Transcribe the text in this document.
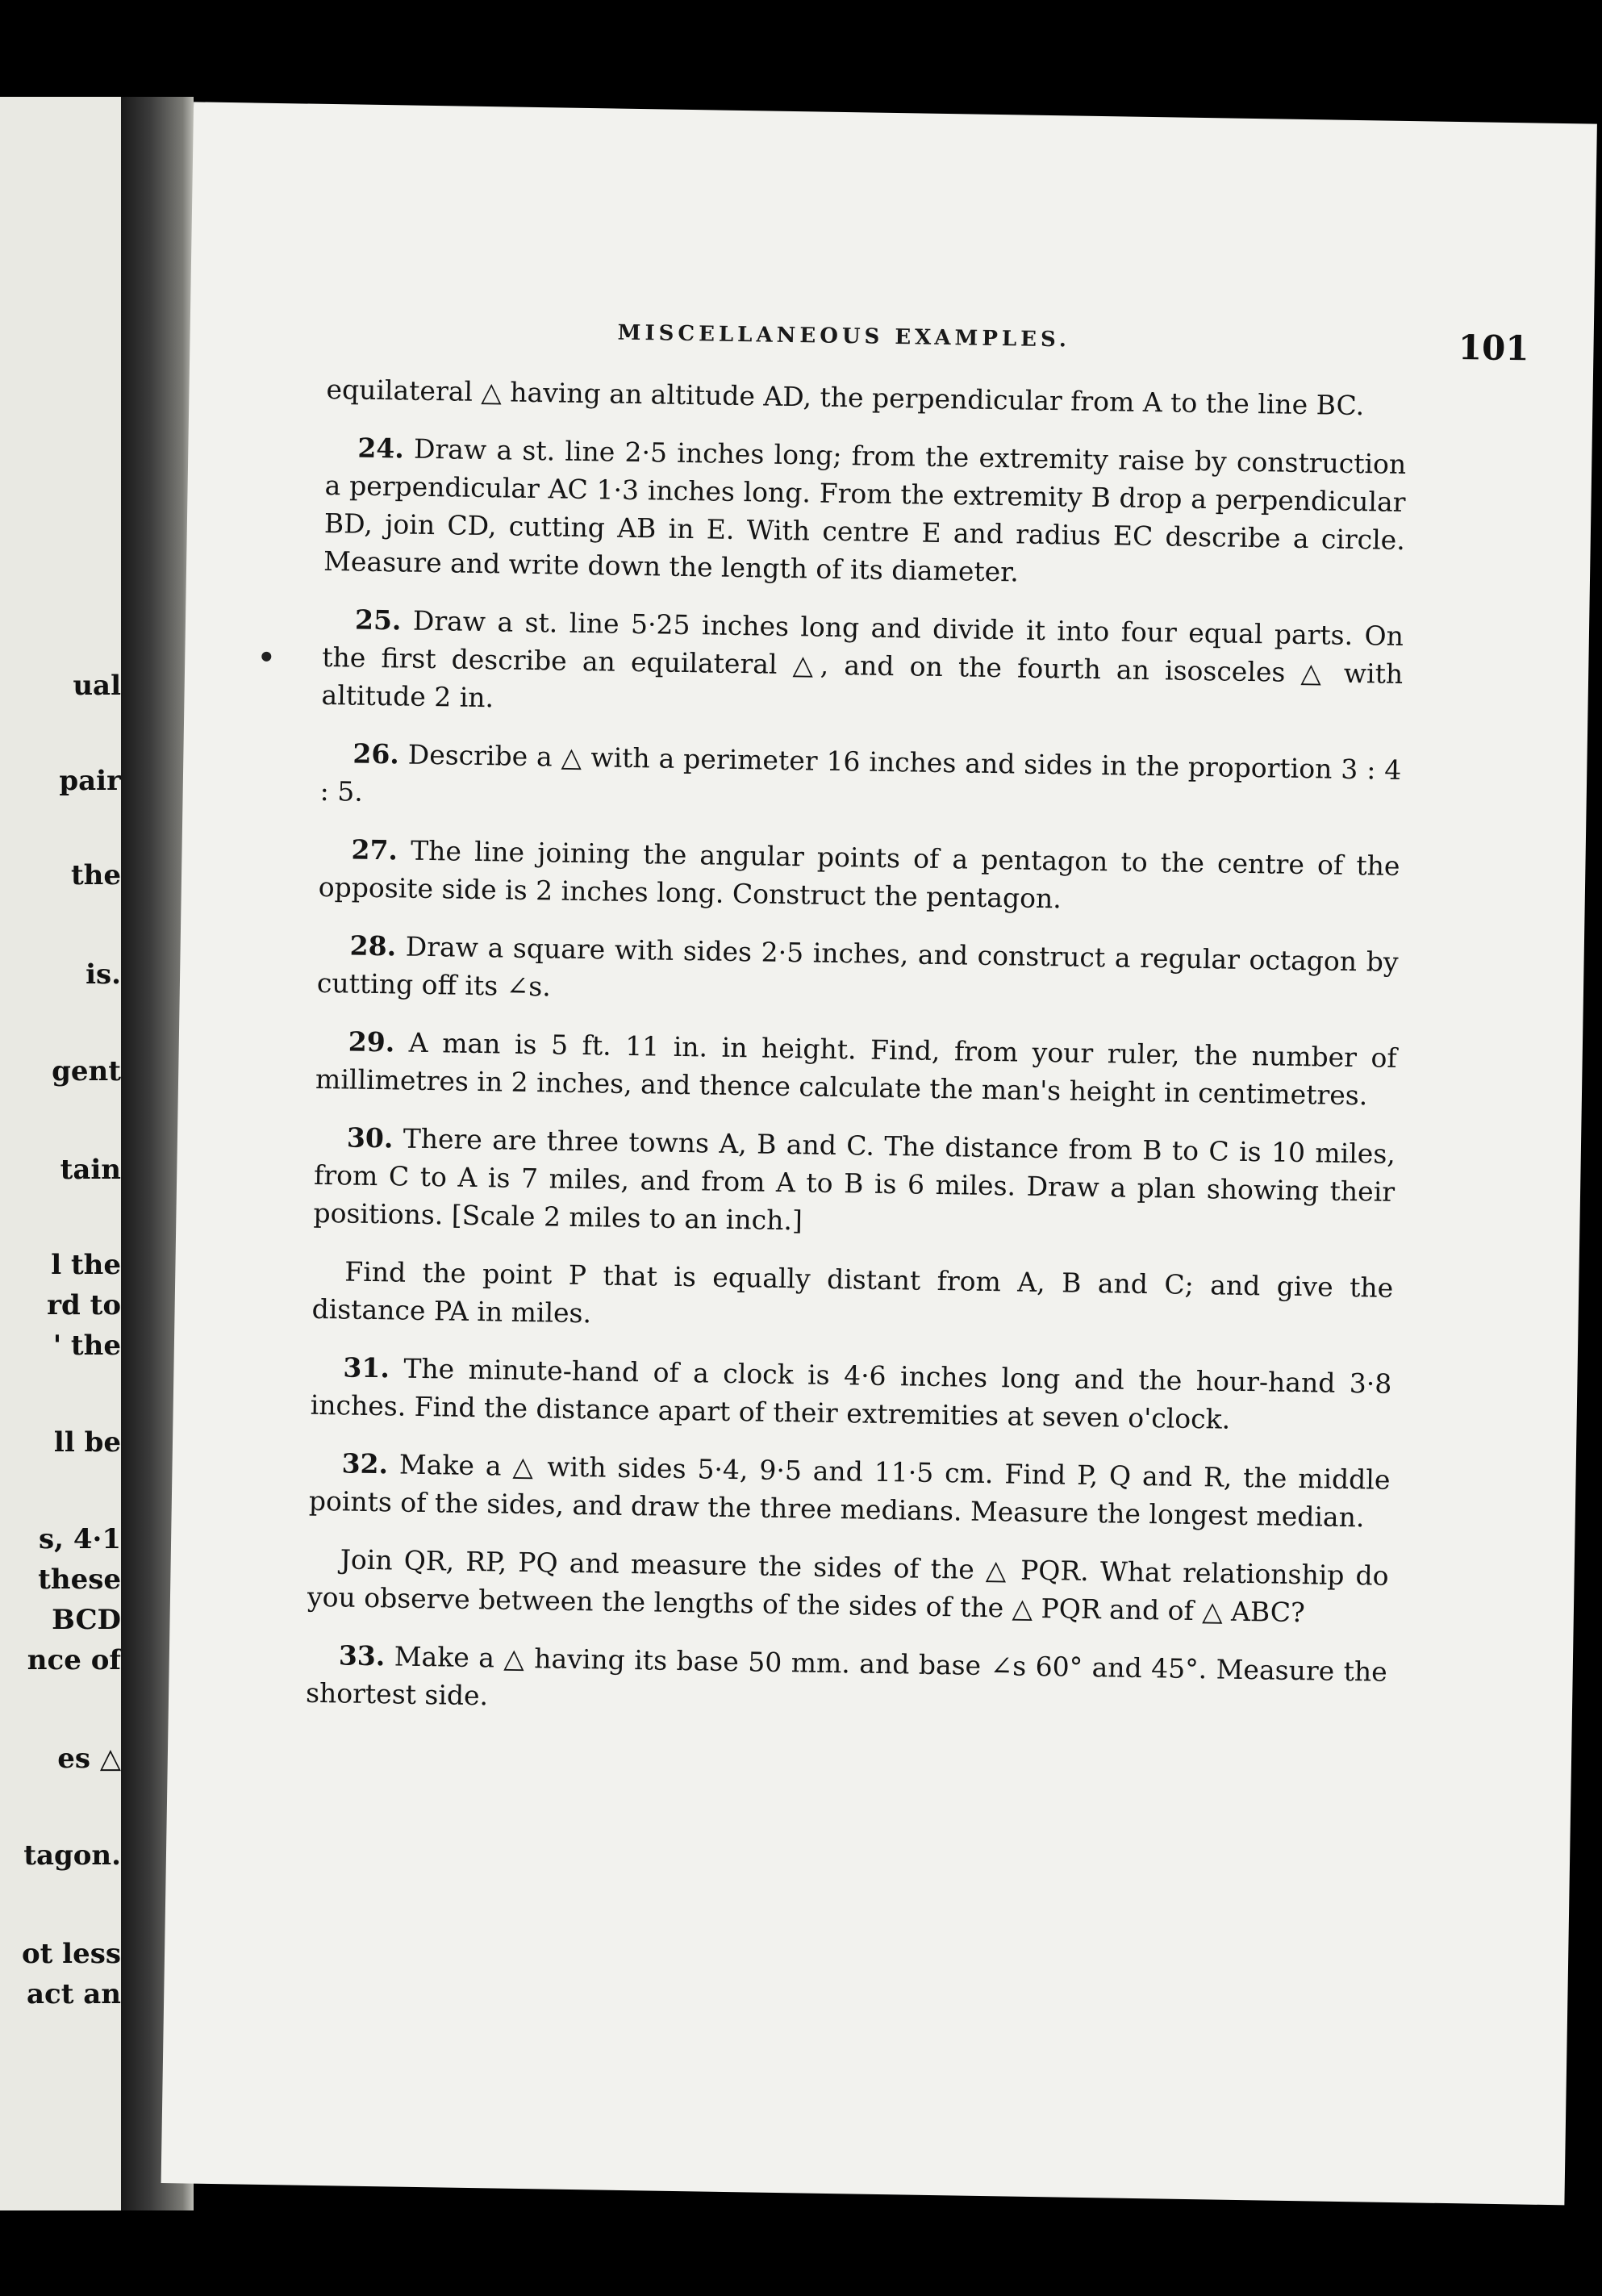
ual
pair
the
is.
gent
tain
l the
rd to
' the
ll be
s, 4·1
these
BCD
nce of
es △
tagon.
ot less
act an
MISCELLANEOUS EXAMPLES.	101

equilateral △ having an altitude AD, the perpendicular from A to the line BC.

24. Draw a st. line 2·5 inches long; from the extremity raise by construction a perpendicular AC 1·3 inches long. From the extremity B drop a perpendicular BD, join CD, cutting AB in E. With centre E and radius EC describe a circle. Measure and write down the length of its diameter.

25. Draw a st. line 5·25 inches long and divide it into four equal parts. On the first describe an equilateral △, and on the fourth an isosceles △ with altitude 2 in.

26. Describe a △ with a perimeter 16 inches and sides in the proportion 3 : 4 : 5.

27. The line joining the angular points of a pentagon to the centre of the opposite side is 2 inches long. Construct the pentagon.

28. Draw a square with sides 2·5 inches, and construct a regular octagon by cutting off its ∠s.

29. A man is 5 ft. 11 in. in height. Find, from your ruler, the number of millimetres in 2 inches, and thence calculate the man's height in centimetres.

30. There are three towns A, B and C. The distance from B to C is 10 miles, from C to A is 7 miles, and from A to B is 6 miles. Draw a plan showing their positions. [Scale 2 miles to an inch.]

Find the point P that is equally distant from A, B and C; and give the distance PA in miles.

31. The minute-hand of a clock is 4·6 inches long and the hour-hand 3·8 inches. Find the distance apart of their extremities at seven o'clock.

32. Make a △ with sides 5·4, 9·5 and 11·5 cm. Find P, Q and R, the middle points of the sides, and draw the three medians. Measure the longest median.

Join QR, RP, PQ and measure the sides of the △ PQR. What relationship do you observe between the lengths of the sides of the △ PQR and of △ ABC?

33. Make a △ having its base 50 mm. and base ∠s 60° and 45°. Measure the shortest side.
